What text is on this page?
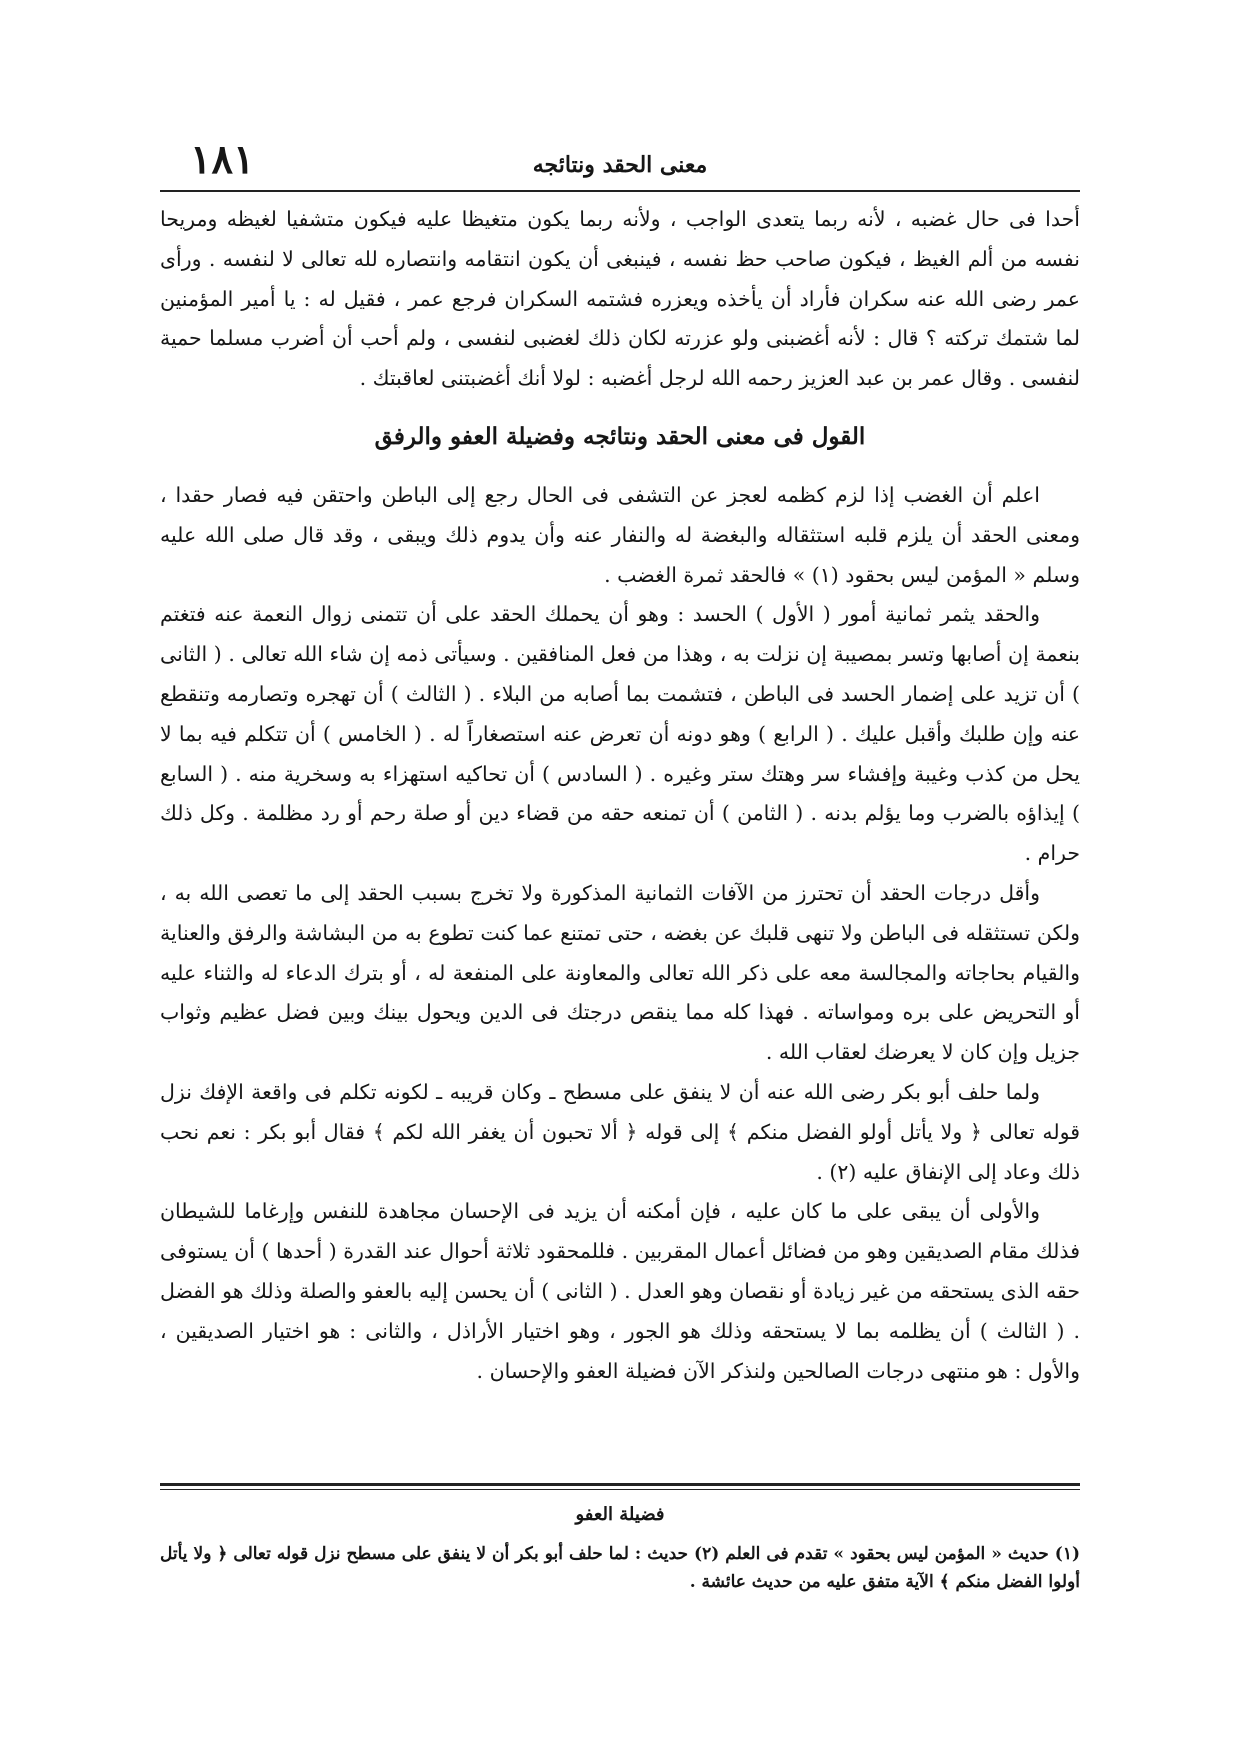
١٨١	معنى الحقد ونتائجه

أحدا فى حال غضبه ، لأنه ربما يتعدى الواجب ، ولأنه ربما يكون متغيظا عليه فيكون متشفيا لغيظه ومريحا نفسه من ألم الغيظ ، فيكون صاحب حظ نفسه ، فينبغى أن يكون انتقامه وانتصاره لله تعالى لا لنفسه . ورأى عمر رضى الله عنه سكران فأراد أن يأخذه ويعزره فشتمه السكران فرجع عمر ، فقيل له : يا أمير المؤمنين لما شتمك تركته ؟ قال : لأنه أغضبنى ولو عزرته لكان ذلك لغضبى لنفسى ، ولم أحب أن أضرب مسلما حمية لنفسى . وقال عمر بن عبد العزيز رحمه الله لرجل أغضبه : لولا أنك أغضبتنى لعاقبتك .

القول فى معنى الحقد ونتائجه وفضيلة العفو والرفق

اعلم أن الغضب إذا لزم كظمه لعجز عن التشفى فى الحال رجع إلى الباطن واحتقن فيه فصار حقدا ، ومعنى الحقد أن يلزم قلبه استثقاله والبغضة له والنفار عنه وأن يدوم ذلك ويبقى ، وقد قال صلى الله عليه وسلم « المؤمن ليس بحقود (١) » فالحقد ثمرة الغضب .

والحقد يثمر ثمانية أمور ( الأول ) الحسد : وهو أن يحملك الحقد على أن تتمنى زوال النعمة عنه فتغتم بنعمة إن أصابها وتسر بمصيبة إن نزلت به ، وهذا من فعل المنافقين . وسيأتى ذمه إن شاء الله تعالى . ( الثانى ) أن تزيد على إضمار الحسد فى الباطن ، فتشمت بما أصابه من البلاء . ( الثالث ) أن تهجره وتصارمه وتنقطع عنه وإن طلبك وأقبل عليك . ( الرابع ) وهو دونه أن تعرض عنه استصغاراً له . ( الخامس ) أن تتكلم فيه بما لا يحل من كذب وغيبة وإفشاء سر وهتك ستر وغيره . ( السادس ) أن تحاكيه استهزاء به وسخرية منه . ( السابع ) إيذاؤه بالضرب وما يؤلم بدنه . ( الثامن ) أن تمنعه حقه من قضاء دين أو صلة رحم أو رد مظلمة . وكل ذلك حرام .

وأقل درجات الحقد أن تحترز من الآفات الثمانية المذكورة ولا تخرج بسبب الحقد إلى ما تعصى الله به ، ولكن تستثقله فى الباطن ولا تنهى قلبك عن بغضه ، حتى تمتنع عما كنت تطوع به من البشاشة والرفق والعناية والقيام بحاجاته والمجالسة معه على ذكر الله تعالى والمعاونة على المنفعة له ، أو بترك الدعاء له والثناء عليه أو التحريض على بره ومواساته . فهذا كله مما ينقص درجتك فى الدين ويحول بينك وبين فضل عظيم وثواب جزيل وإن كان لا يعرضك لعقاب الله .

ولما حلف أبو بكر رضى الله عنه أن لا ينفق على مسطح ـ وكان قريبه ـ لكونه تكلم فى واقعة الإفك نزل قوله تعالى ﴿ ولا يأتل أولو الفضل منكم ﴾ إلى قوله ﴿ ألا تحبون أن يغفر الله لكم ﴾ فقال أبو بكر : نعم نحب ذلك وعاد إلى الإنفاق عليه (٢) .

والأولى أن يبقى على ما كان عليه ، فإن أمكنه أن يزيد فى الإحسان مجاهدة للنفس وإرغاما للشيطان فذلك مقام الصديقين وهو من فضائل أعمال المقربين . فللمحقود ثلاثة أحوال عند القدرة ( أحدها ) أن يستوفى حقه الذى يستحقه من غير زيادة أو نقصان وهو العدل . ( الثانى ) أن يحسن إليه بالعفو والصلة وذلك هو الفضل . ( الثالث ) أن يظلمه بما لا يستحقه وذلك هو الجور ، وهو اختيار الأراذل ، والثانى : هو اختيار الصديقين ، والأول : هو منتهى درجات الصالحين ولنذكر الآن فضيلة العفو والإحسان .

فضيلة العفو

(١) حديث « المؤمن ليس بحقود » تقدم فى العلم (٢) حديث : لما حلف أبو بكر أن لا ينفق على مسطح نزل قوله تعالى ﴿ ولا يأتل أولوا الفضل منكم ﴾ الآية متفق عليه من حديث عائشة .
